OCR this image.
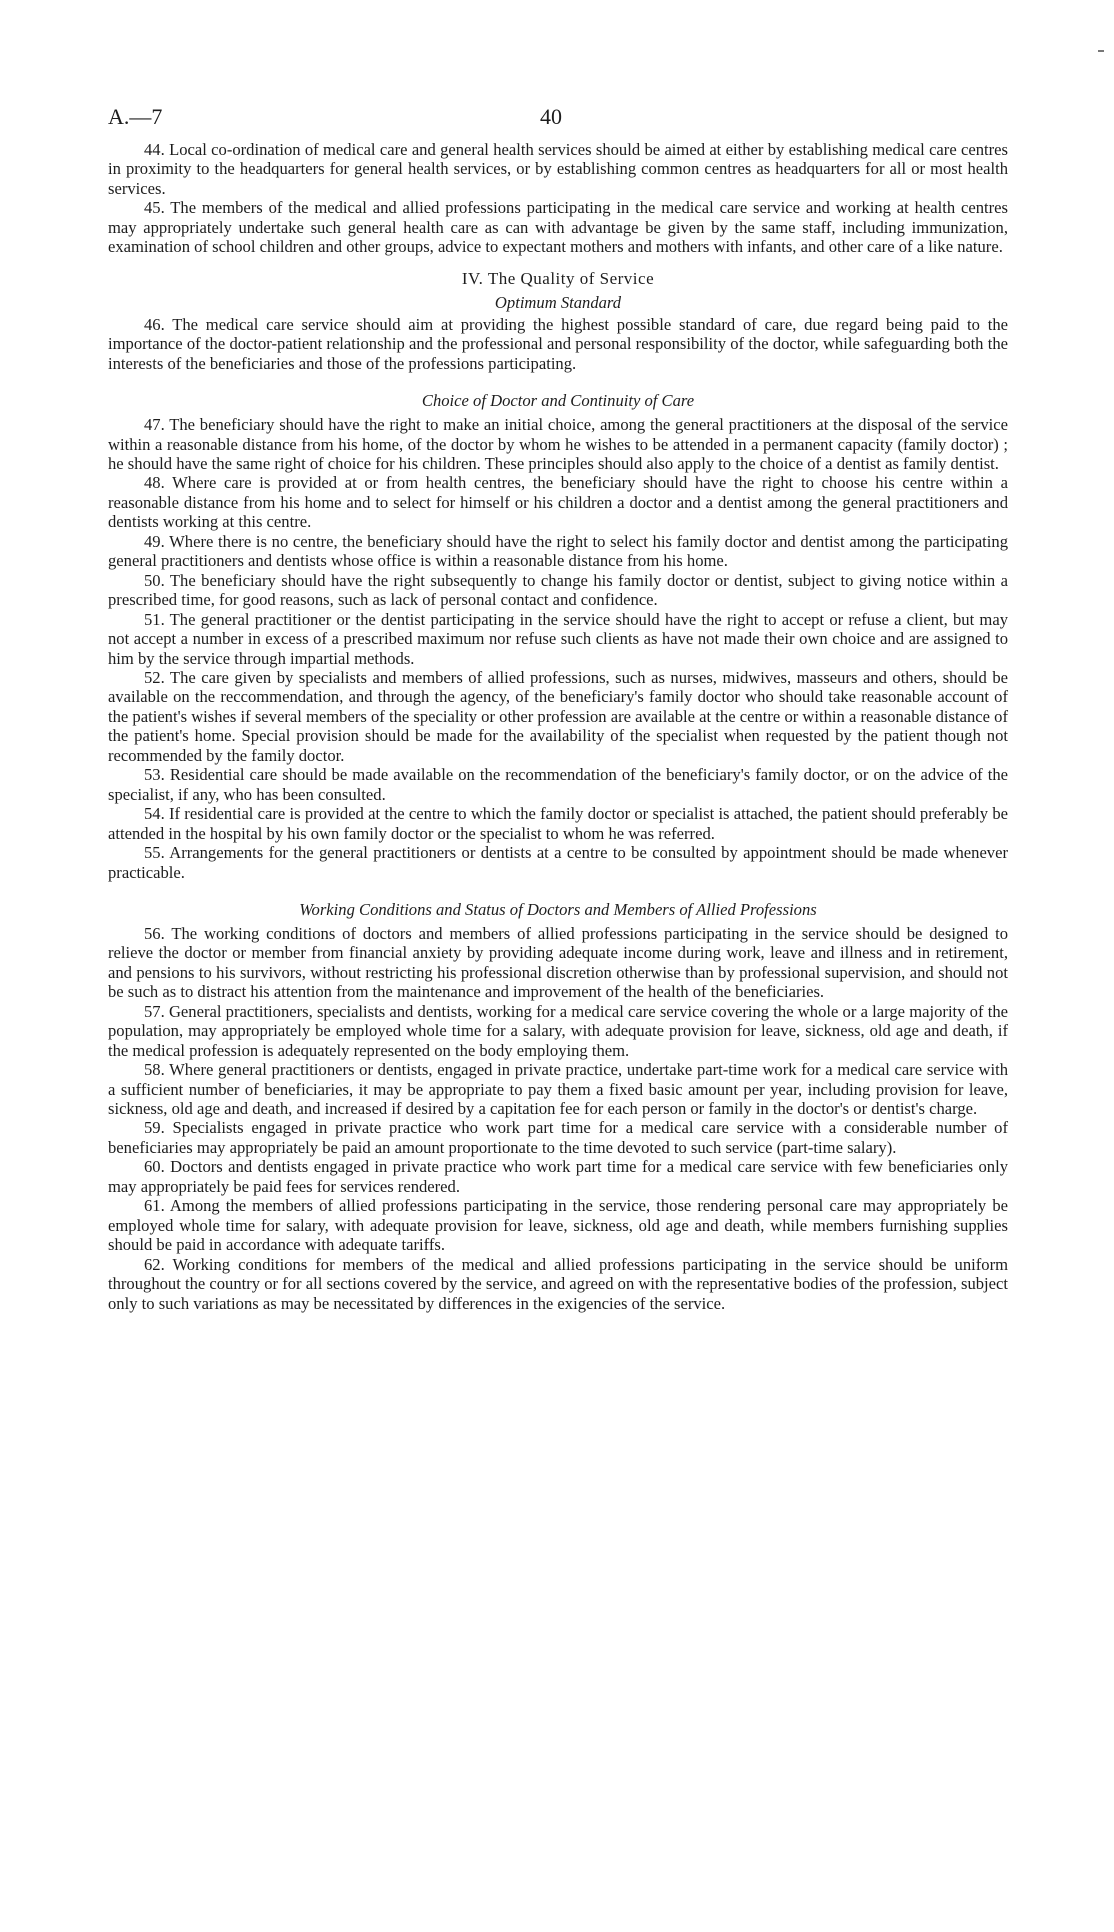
A.—7	40

44. Local co-ordination of medical care and general health services should be aimed at either by establishing medical care centres in proximity to the headquarters for general health services, or by establishing common centres as headquarters for all or most health services.

45. The members of the medical and allied professions participating in the medical care service and working at health centres may appropriately undertake such general health care as can with advantage be given by the same staff, including immunization, examination of school children and other groups, advice to expectant mothers and mothers with infants, and other care of a like nature.

IV. The Quality of Service
Optimum Standard

46. The medical care service should aim at providing the highest possible standard of care, due regard being paid to the importance of the doctor-patient relationship and the professional and personal responsibility of the doctor, while safeguarding both the interests of the beneficiaries and those of the professions participating.

Choice of Doctor and Continuity of Care

47. The beneficiary should have the right to make an initial choice, among the general practitioners at the disposal of the service within a reasonable distance from his home, of the doctor by whom he wishes to be attended in a permanent capacity (family doctor) ; he should have the same right of choice for his children. These principles should also apply to the choice of a dentist as family dentist.

48. Where care is provided at or from health centres, the beneficiary should have the right to choose his centre within a reasonable distance from his home and to select for himself or his children a doctor and a dentist among the general practitioners and dentists working at this centre.

49. Where there is no centre, the beneficiary should have the right to select his family doctor and dentist among the participating general practitioners and dentists whose office is within a reasonable distance from his home.

50. The beneficiary should have the right subsequently to change his family doctor or dentist, subject to giving notice within a prescribed time, for good reasons, such as lack of personal contact and confidence.

51. The general practitioner or the dentist participating in the service should have the right to accept or refuse a client, but may not accept a number in excess of a prescribed maximum nor refuse such clients as have not made their own choice and are assigned to him by the service through impartial methods.

52. The care given by specialists and members of allied professions, such as nurses, midwives, masseurs and others, should be available on the reccommendation, and through the agency, of the beneficiary's family doctor who should take reasonable account of the patient's wishes if several members of the speciality or other profession are available at the centre or within a reasonable distance of the patient's home. Special provision should be made for the availability of the specialist when requested by the patient though not recommended by the family doctor.

53. Residential care should be made available on the recommendation of the beneficiary's family doctor, or on the advice of the specialist, if any, who has been consulted.

54. If residential care is provided at the centre to which the family doctor or specialist is attached, the patient should preferably be attended in the hospital by his own family doctor or the specialist to whom he was referred.

55. Arrangements for the general practitioners or dentists at a centre to be consulted by appointment should be made whenever practicable.

Working Conditions and Status of Doctors and Members of Allied Professions

56. The working conditions of doctors and members of allied professions participating in the service should be designed to relieve the doctor or member from financial anxiety by providing adequate income during work, leave and illness and in retirement, and pensions to his survivors, without restricting his professional discretion otherwise than by professional supervision, and should not be such as to distract his attention from the maintenance and improvement of the health of the beneficiaries.

57. General practitioners, specialists and dentists, working for a medical care service covering the whole or a large majority of the population, may appropriately be employed whole time for a salary, with adequate provision for leave, sickness, old age and death, if the medical profession is adequately represented on the body employing them.

58. Where general practitioners or dentists, engaged in private practice, undertake part-time work for a medical care service with a sufficient number of beneficiaries, it may be appropriate to pay them a fixed basic amount per year, including provision for leave, sickness, old age and death, and increased if desired by a capitation fee for each person or family in the doctor's or dentist's charge.

59. Specialists engaged in private practice who work part time for a medical care service with a considerable number of beneficiaries may appropriately be paid an amount proportionate to the time devoted to such service (part-time salary).

60. Doctors and dentists engaged in private practice who work part time for a medical care service with few beneficiaries only may appropriately be paid fees for services rendered.

61. Among the members of allied professions participating in the service, those rendering personal care may appropriately be employed whole time for salary, with adequate provision for leave, sickness, old age and death, while members furnishing supplies should be paid in accordance with adequate tariffs.

62. Working conditions for members of the medical and allied professions participating in the service should be uniform throughout the country or for all sections covered by the service, and agreed on with the representative bodies of the profession, subject only to such variations as may be necessitated by differences in the exigencies of the service.
